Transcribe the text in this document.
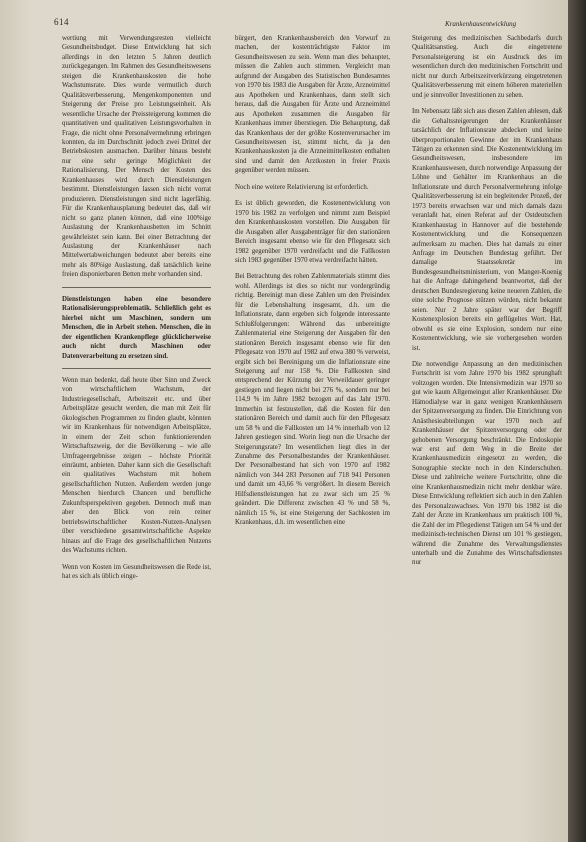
614	Krankenhausentwicklung

wertiung mit Verwendungsresten vielleicht Gesundheitsbudget. Diese Entwicklung hat sich allerdings in den letzten 5 Jahren deutlich zurückgegangen. Im Rahmen des Gesundheitswesens steigen die Krankenhauskosten die hohe Wachstumsrate. Dies wurde vermutlich durch Qualitätsverbesserung, Mengenkomponenten und Steigerung der Preise pro Leistungseinheit. Als wesentliche Ursache der Preissteigerung kommen die quantitativen und qualitativen Leistungsvorhalten in Frage, die nicht ohne Personalvermehrung erbringen konnten, da im Durchschnitt jedoch zwei Drittel der Betriebskosten ausmachen. Darüber hinaus besteht nur eine sehr geringe Möglichkeit der Rationalisierung. Der Mensch der Kosten des Krankenhauses wird durch Dienstleistungen bestimmt. Dienstleistungen lassen sich nicht vorrat produzieren. Dienstleistungen sind nicht lagerfähig. Für die Krankenhausplanung bedeutet das, daß wir nicht so ganz planen können, daß eine 100%ige Auslastung der Krankenhausbetten im Schnitt gewährleistet sein kann. Bei einer Betrachtung der Auslastung der Krankenhäuser nach Mittelwertabweichungen bedeutet aber bereits eine mehr als 80%ige Auslastung, daß tatsächlich keine freien disponierbaren Betten mehr vorhanden sind.

Dienstleistungen haben eine besondere Rationalisierungsproblematik. Schließlich geht es hierbei nicht um Maschinen, sondern um Menschen, die in Arbeit stehen. Menschen, die in der eigentlichen Krankenpflege glücklicherweise auch nicht durch Maschinen oder Datenverarbeitung zu ersetzen sind.

Wenn man bedenkt, daß heute über Sinn und Zweck von wirtschaftlichem Wachstum, der Industriegesellschaft, Arbeitszeit etc. und über Arbeitsplätze gesucht werden, die man mit Zeit für ökologischen Programmen zu finden glaubt, könnten wir im Krankenhaus für notwendigen Arbeitsplätze, in einem der Zeit schon funktionierenden Wirtschaftszweig, der die Bevölkerung – wie alle Umfrageergebnisse zeigen – höchste Priorität einräumt, anbieten. Daher kann sich die Gesellschaft ein qualitatives Wachstum mit hohem gesellschaftlichen Nutzen. Außerdem werden junge Menschen hierdurch Chancen und berufliche Zukunftsperspektiven gegeben. Dennoch muß man aber den Blick von rein reiner betriebswirtschaftlicher Kosten-Nutzen-Analysen über verschiedene gesamtwirtschaftliche Aspekte hinaus auf die Frage des gesellschaftlichen Nutzens des Wachstums richten.

Wenn von Kosten im Gesundheitswesen die Rede ist, hat es sich als üblich einge-

bürgert, den Krankenhausbereich den Vorwurf zu machen, der kostenträchtigste Faktor im Gesundheitswesen zu sein. Wenn man dies behauptet, müssen die Zahlen auch stimmen. Vergleicht man aufgrund der Ausgaben des Statistischen Bundesamtes von 1970 bis 1983 die Ausgaben für Ärzte, Arzneimittel aus Apotheken und Krankenhaus, dann stellt sich heraus, daß die Ausgaben für Ärzte und Arzneimittel aus Apotheken zusammen die Ausgaben für Krankenhaus immer überstiegen. Die Behauptung, daß das Krankenhaus der der größte Kostenverursacher im Gesundheitswesen ist, stimmt nicht, da ja den Krankenhauskosten ja die Arzneimittelkosten enthalten sind und damit den Arztkosten in freier Praxis gegenüber werden müssen.

Noch eine weitere Relativierung ist erforderlich.

Es ist üblich geworden, die Kostenentwicklung von 1970 bis 1982 zu verfolgen und nimmt zum Beispiel den Krankenhauskosten vorstellen. Die Ausgaben für die Ausgaben aller Ausgabenträger für den stationären Bereich insgesamt ebenso wie für den Pflegesatz sich 1982 gegenüber 1970 verdreifacht und die Fallkosten sich 1983 gegenüber 1970 etwa verdreifacht hätten.

Bei Betrachtung des rohen Zahlenmaterials stimmt dies wohl. Allerdings ist dies so nicht nur vordergründig richtig. Bereinigt man diese Zahlen um den Preisindex für die Lebenshaltung insgesamt, d.h. um die Inflationsrate, dann ergeben sich folgende interessante Schlußfolgerungen: Während das unbereinigte Zahlenmaterial eine Steigerung der Ausgaben für den stationären Bereich insgesamt ebenso wie für den Pflegesatz von 1970 auf 1982 auf etwa 380 % verweist, ergibt sich bei Bereinigung um die Inflationsrate eine Steigerung auf nur 158 %. Die Fallkosten sind entsprechend der Kürzung der Verweildauer geringer gestiegen und liegen nicht bei 276 %, sondern nur bei 114,9 % im Jahre 1982 bezogen auf das Jahr 1970. Immerhin ist festzustellen, daß die Kosten für den stationären Bereich und damit auch für den Pflegesatz um 58 % und die Fallkosten um 14 % innerhalb von 12 Jahren gestiegen sind. Worin liegt nun die Ursache der Steigerungsrate? Im wesentlichen liegt dies in der Zunahme des Personalbestandes der Krankenhäuser. Der Personalbestand hat sich von 1970 auf 1982 nämlich von 344 283 Personen auf 718 941 Personen und damit um 43,66 % vergrößert. In diesem Bereich Hilfsdienstleistungen hat zu zwar sich um 25 % geändert. Die Differenz zwischen 43 % und 58 %, nämlich 15 %, ist eine Steigerung der Sachkosten im Krankenhaus, d.h. im wesentlichen eine

Steigerung des medizinischen Sachbedarfs durch Qualitätsanstieg. Auch die eingetretene Personalsteigerung ist ein Ausdruck des im wesentlichen durch den medizinischen Fortschritt und nicht nur durch Arbeitszeitverkürzung eingetretenen Qualitätsverbesserung mit einem höheren materiellen und je sinnvoller Investitionen zu sehen.

Im Nebensatz läßt sich aus diesen Zahlen ablesen, daß die Gehaltssteigerungen der Krankenhäuser tatsächlich der Inflationsrate abdecken und keine überproportionalen Gewinne der im Krankenhaus Tätigen zu erkennen sind. Die Kostenentwicklung im Gesundheitswesen, insbesondere im Krankenhauswesen, durch notwendige Anpassung der Löhne und Gehälter im Krankenhaus an die Inflationsrate und durch Personalvermehrung infolge Qualitätsverbesserung ist ein begleitender Prozeß, der 1973 bereits erwachsen war und mich damals dazu veranlaßt hat, einen Referat auf der Ostdeutschen Krankenhaustag in Hannover auf die bestehende Kostenentwicklung und die Konsequenzen aufmerksam zu machen. Dies hat damals zu einer Anfrage im Deutschen Bundestag geführt. Der damalige Staatssekretär im Bundesgesundheitsministerium, von Manger-Koenig hat die Anfrage dahingehend beantwortet, daß der deutschen Bundesregierung keine neueren Zahlen, die eine solche Prognose stützen würden, nicht bekannt seien. Nur 2 Jahre später war der Begriff Kostenexplosion bereits ein geflügeltes Wort. Hat, obwohl es sie eine Explosion, sondern nur eine Kostenentwicklung, wie sie vorhergesehen worden ist.

Die notwendige Anpassung an den medizinischen Fortschritt ist vom Jahre 1970 bis 1982 sprunghaft voltzogen worden. Die Intensivmedizin war 1970 so gut wie kaum Allgemeingut aller Krankenhäuser. Die Hämodialyse war in ganz wenigen Krankenhäusern der Spitzenversorgung zu finden. Die Einrichtung von Anästhesieabteilungen war 1970 noch auf Krankenhäuser der Spitzenversorgung oder der gehobenen Versorgung beschränkt. Die Endoskopie war erst auf dem Weg in die Breite der Krankenhausmedizin eingesetzt zu werden, die Sonographie steckte noch in den Kinderschuhen. Diese und zahlreiche weitere Fortschritte, ohne die eine Krankenhausmedizin nicht mehr denkbar wäre. Diese Entwicklung reflektiert sich auch in den Zahlen des Personalzuwachses. Von 1970 bis 1982 ist die Zahl der Ärzte im Krankenhaus um praktisch 100 %, die Zahl der im Pflegedienst Tätigen um 54 % und der medizinisch-technischen Dienst um 101 % gestiegen, während die Zunahme des Verwaltungsdienstes unterhalb und die Zunahme des Wirtschaftsdienstes nur
